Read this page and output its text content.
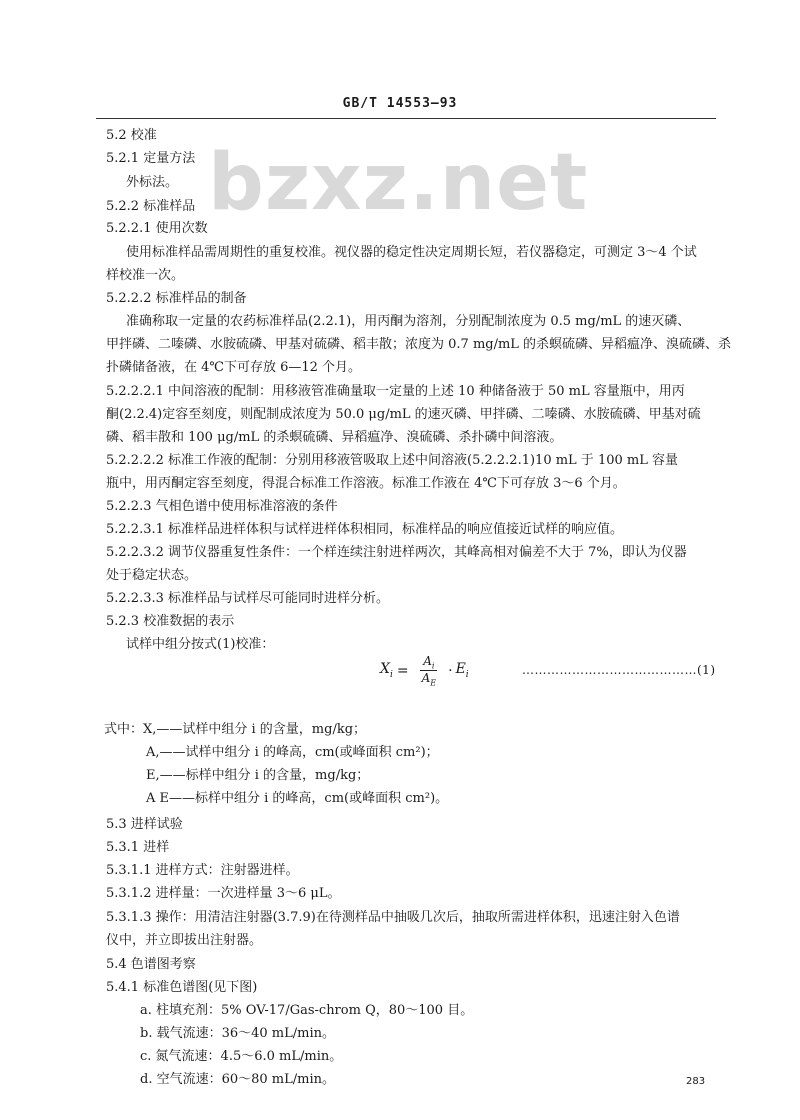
GB/T 14553—93
bzxz.net
5.2 校准
5.2.1 定量方法
外标法。
5.2.2 标准样品
5.2.2.1 使用次数
使用标准样品需周期性的重复校准。视仪器的稳定性决定周期长短，若仪器稳定，可测定 3～4 个试
样校准一次。
5.2.2.2 标准样品的制备
准确称取一定量的农药标准样品(2.2.1)，用丙酮为溶剂，分别配制浓度为 0.5 mg/mL 的速灭磷、
甲拌磷、二嗪磷、水胺硫磷、甲基对硫磷、稻丰散；浓度为 0.7 mg/mL 的杀螟硫磷、异稻瘟净、溴硫磷、杀
扑磷储备液，在 4℃下可存放 6—12 个月。
5.2.2.2.1 中间溶液的配制：用移液管准确量取一定量的上述 10 种储备液于 50 mL 容量瓶中，用丙
酮(2.2.4)定容至刻度，则配制成浓度为 50.0 μg/mL 的速灭磷、甲拌磷、二嗪磷、水胺硫磷、甲基对硫
磷、稻丰散和 100 μg/mL 的杀螟硫磷、异稻瘟净、溴硫磷、杀扑磷中间溶液。
5.2.2.2.2 标准工作液的配制：分别用移液管吸取上述中间溶液(5.2.2.2.1)10 mL 于 100 mL 容量
瓶中，用丙酮定容至刻度，得混合标准工作溶液。标准工作液在 4℃下可存放 3～6 个月。
5.2.2.3 气相色谱中使用标准溶液的条件
5.2.2.3.1 标准样品进样体积与试样进样体积相同，标准样品的响应值接近试样的响应值。
5.2.2.3.2 调节仪器重复性条件：一个样连续注射进样两次，其峰高相对偏差不大于 7%，即认为仪器
处于稳定状态。
5.2.2.3.3 标准样品与试样尽可能同时进样分析。
5.2.3 校准数据的表示
试样中组分按式(1)校准：
$X_i = \frac{A_i}{A_E} \cdot E_i$	……………………………………(1)
式中：X,——试样中组分 i 的含量，mg/kg；
A,——试样中组分 i 的峰高，cm(或峰面积 cm²)；
E,——标样中组分 i 的含量，mg/kg；
A E——标样中组分 i 的峰高，cm(或峰面积 cm²)。
5.3 进样试验
5.3.1 进样
5.3.1.1 进样方式：注射器进样。
5.3.1.2 进样量：一次进样量 3～6 μL。
5.3.1.3 操作：用清洁注射器(3.7.9)在待测样品中抽吸几次后，抽取所需进样体积，迅速注射入色谱
仪中，并立即拔出注射器。
5.4 色谱图考察
5.4.1 标准色谱图(见下图)
a. 柱填充剂：5% OV-17/Gas-chrom Q，80～100 目。
b. 载气流速：36～40 mL/min。
c. 氮气流速：4.5～6.0 mL/min。
d. 空气流速：60～80 mL/min。	283
